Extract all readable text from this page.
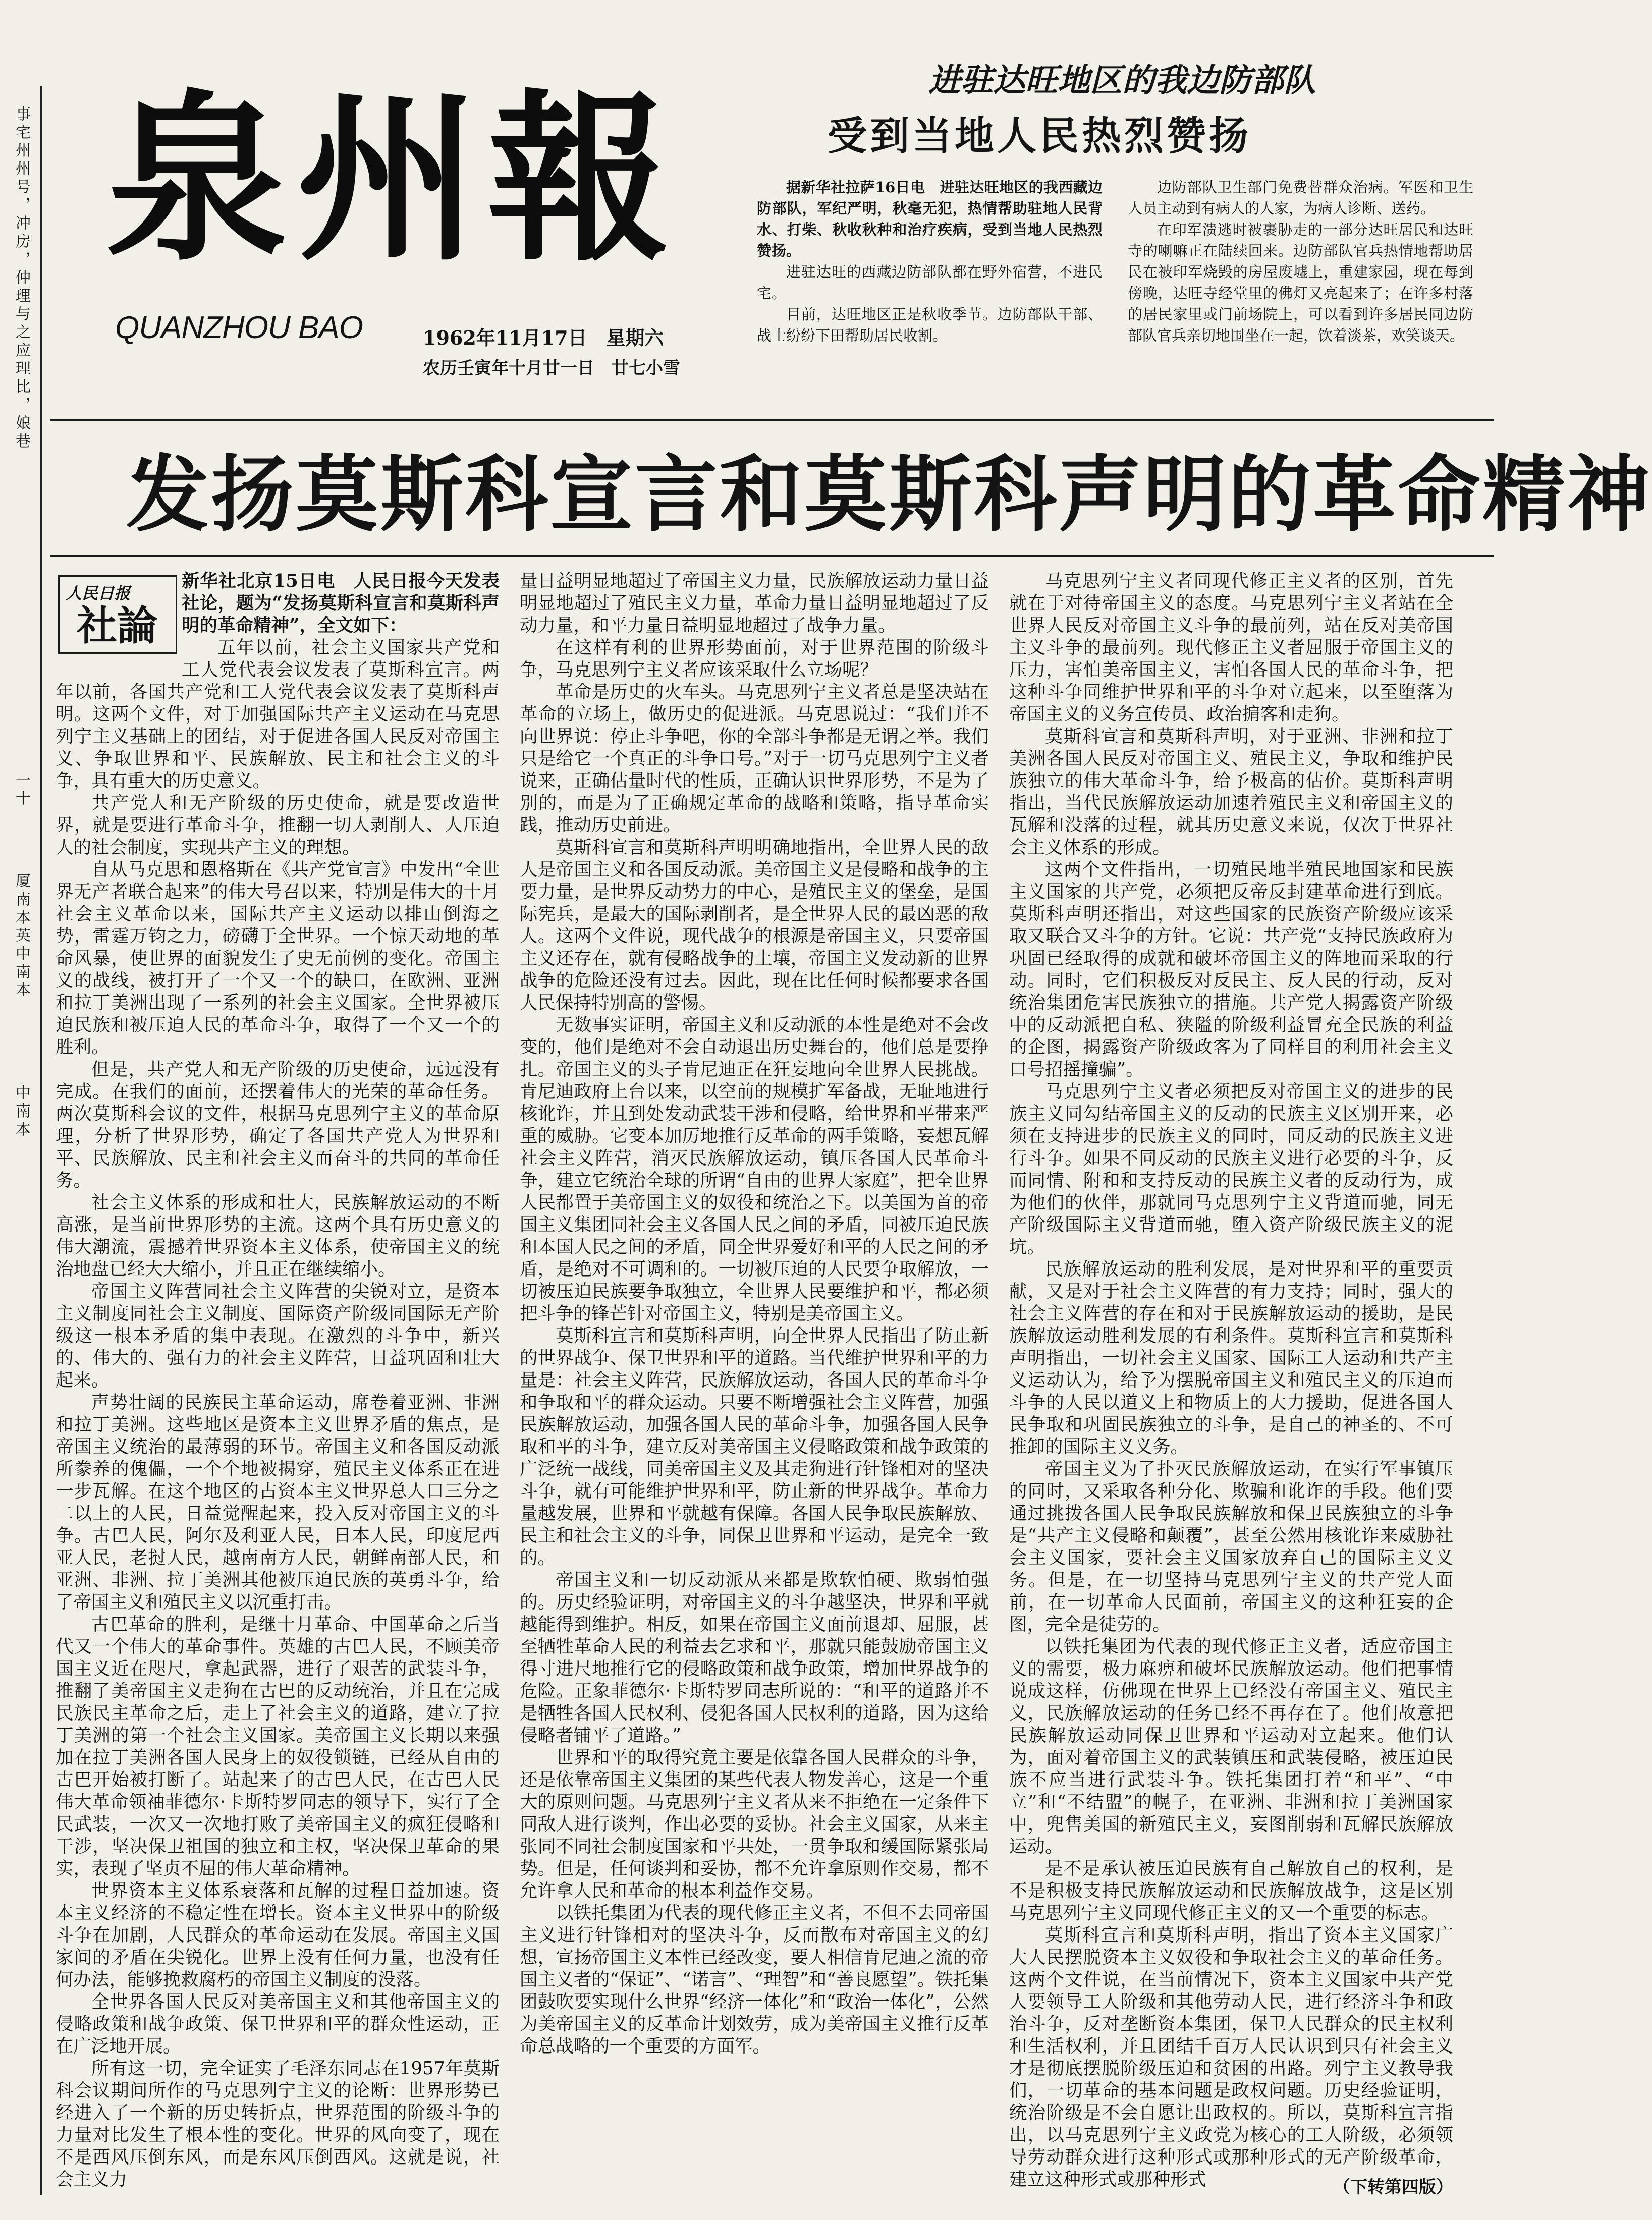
事宅州州号，冲房，仲理与之应理比，娘巷
一十
厦南本英中南本
中南本
泉州報
QUANZHOU BAO	1962年11月17日　星期六
农历壬寅年十月廿一日　廿七小雪
进驻达旺地区的我边防部队
受到当地人民热烈赞扬

据新华社拉萨16日电　进驻达旺地区的我西藏边防部队，军纪严明，秋毫无犯，热情帮助驻地人民背水、打柴、秋收秋种和治疗疾病，受到当地人民热烈赞扬。

进驻达旺的西藏边防部队都在野外宿营，不进民宅。

目前，达旺地区正是秋收季节。边防部队干部、战士纷纷下田帮助居民收割。

边防部队卫生部门免费替群众治病。军医和卫生人员主动到有病人的人家，为病人诊断、送药。

在印军溃逃时被裹胁走的一部分达旺居民和达旺寺的喇嘛正在陆续回来。边防部队官兵热情地帮助居民在被印军烧毁的房屋废墟上，重建家园，现在每到傍晚，达旺寺经堂里的佛灯又亮起来了；在许多村落的居民家里或门前场院上，可以看到许多居民同边防部队官兵亲切地围坐在一起，饮着淡茶，欢笑谈天。

发扬莫斯科宣言和莫斯科声明的革命精神
人民日报
社論

新华社北京15日电　人民日报今天发表社论，题为“发扬莫斯科宣言和莫斯科声明的革命精神”，全文如下：

五年以前，社会主义国家共产党和工人党代表会议发表了莫斯科宣言。两年以前，各国共产党和工人党代表会议发表了莫斯科声明。这两个文件，对于加强国际共产主义运动在马克思列宁主义基础上的团结，对于促进各国人民反对帝国主义、争取世界和平、民族解放、民主和社会主义的斗争，具有重大的历史意义。

共产党人和无产阶级的历史使命，就是要改造世界，就是要进行革命斗争，推翻一切人剥削人、人压迫人的社会制度，实现共产主义的理想。

自从马克思和恩格斯在《共产党宣言》中发出“全世界无产者联合起来”的伟大号召以来，特别是伟大的十月社会主义革命以来，国际共产主义运动以排山倒海之势，雷霆万钧之力，磅礴于全世界。一个惊天动地的革命风暴，使世界的面貌发生了史无前例的变化。帝国主义的战线，被打开了一个又一个的缺口，在欧洲、亚洲和拉丁美洲出现了一系列的社会主义国家。全世界被压迫民族和被压迫人民的革命斗争，取得了一个又一个的胜利。

但是，共产党人和无产阶级的历史使命，远远没有完成。在我们的面前，还摆着伟大的光荣的革命任务。两次莫斯科会议的文件，根据马克思列宁主义的革命原理，分析了世界形势，确定了各国共产党人为世界和平、民族解放、民主和社会主义而奋斗的共同的革命任务。

社会主义体系的形成和壮大，民族解放运动的不断高涨，是当前世界形势的主流。这两个具有历史意义的伟大潮流，震撼着世界资本主义体系，使帝国主义的统治地盘已经大大缩小，并且正在继续缩小。

帝国主义阵营同社会主义阵营的尖锐对立，是资本主义制度同社会主义制度、国际资产阶级同国际无产阶级这一根本矛盾的集中表现。在激烈的斗争中，新兴的、伟大的、强有力的社会主义阵营，日益巩固和壮大起来。

声势壮阔的民族民主革命运动，席卷着亚洲、非洲和拉丁美洲。这些地区是资本主义世界矛盾的焦点，是帝国主义统治的最薄弱的环节。帝国主义和各国反动派所豢养的傀儡，一个个地被揭穿，殖民主义体系正在进一步瓦解。在这个地区的占资本主义世界总人口三分之二以上的人民，日益觉醒起来，投入反对帝国主义的斗争。古巴人民，阿尔及利亚人民，日本人民，印度尼西亚人民，老挝人民，越南南方人民，朝鲜南部人民，和亚洲、非洲、拉丁美洲其他被压迫民族的英勇斗争，给了帝国主义和殖民主义以沉重打击。

古巴革命的胜利，是继十月革命、中国革命之后当代又一个伟大的革命事件。英雄的古巴人民，不顾美帝国主义近在咫尺，拿起武器，进行了艰苦的武装斗争，推翻了美帝国主义走狗在古巴的反动统治，并且在完成民族民主革命之后，走上了社会主义的道路，建立了拉丁美洲的第一个社会主义国家。美帝国主义长期以来强加在拉丁美洲各国人民身上的奴役锁链，已经从自由的古巴开始被打断了。站起来了的古巴人民，在古巴人民伟大革命领袖菲德尔·卡斯特罗同志的领导下，实行了全民武装，一次又一次地打败了美帝国主义的疯狂侵略和干涉，坚决保卫祖国的独立和主权，坚决保卫革命的果实，表现了坚贞不屈的伟大革命精神。

世界资本主义体系衰落和瓦解的过程日益加速。资本主义经济的不稳定性在增长。资本主义世界中的阶级斗争在加剧，人民群众的革命运动在发展。帝国主义国家间的矛盾在尖锐化。世界上没有任何力量，也没有任何办法，能够挽救腐朽的帝国主义制度的没落。

全世界各国人民反对美帝国主义和其他帝国主义的侵略政策和战争政策、保卫世界和平的群众性运动，正在广泛地开展。

所有这一切，完全证实了毛泽东同志在1957年莫斯科会议期间所作的马克思列宁主义的论断：世界形势已经进入了一个新的历史转折点，世界范围的阶级斗争的力量对比发生了根本性的变化。世界的风向变了，现在不是西风压倒东风，而是东风压倒西风。这就是说，社会主义力

量日益明显地超过了帝国主义力量，民族解放运动力量日益明显地超过了殖民主义力量，革命力量日益明显地超过了反动力量，和平力量日益明显地超过了战争力量。

在这样有利的世界形势面前，对于世界范围的阶级斗争，马克思列宁主义者应该采取什么立场呢？

革命是历史的火车头。马克思列宁主义者总是坚决站在革命的立场上，做历史的促进派。马克思说过：“我们并不向世界说：停止斗争吧，你的全部斗争都是无谓之举。我们只是给它一个真正的斗争口号。”对于一切马克思列宁主义者说来，正确估量时代的性质，正确认识世界形势，不是为了别的，而是为了正确规定革命的战略和策略，指导革命实践，推动历史前进。

莫斯科宣言和莫斯科声明明确地指出，全世界人民的敌人是帝国主义和各国反动派。美帝国主义是侵略和战争的主要力量，是世界反动势力的中心，是殖民主义的堡垒，是国际宪兵，是最大的国际剥削者，是全世界人民的最凶恶的敌人。这两个文件说，现代战争的根源是帝国主义，只要帝国主义还存在，就有侵略战争的土壤，帝国主义发动新的世界战争的危险还没有过去。因此，现在比任何时候都要求各国人民保持特别高的警惕。

无数事实证明，帝国主义和反动派的本性是绝对不会改变的，他们是绝对不会自动退出历史舞台的，他们总是要挣扎。帝国主义的头子肯尼迪正在狂妄地向全世界人民挑战。肯尼迪政府上台以来，以空前的规模扩军备战，无耻地进行核讹诈，并且到处发动武装干涉和侵略，给世界和平带来严重的威胁。它变本加厉地推行反革命的两手策略，妄想瓦解社会主义阵营，消灭民族解放运动，镇压各国人民革命斗争，建立它统治全球的所谓“自由的世界大家庭”，把全世界人民都置于美帝国主义的奴役和统治之下。以美国为首的帝国主义集团同社会主义各国人民之间的矛盾，同被压迫民族和本国人民之间的矛盾，同全世界爱好和平的人民之间的矛盾，是绝对不可调和的。一切被压迫的人民要争取解放，一切被压迫民族要争取独立，全世界人民要维护和平，都必须把斗争的锋芒针对帝国主义，特别是美帝国主义。

莫斯科宣言和莫斯科声明，向全世界人民指出了防止新的世界战争、保卫世界和平的道路。当代维护世界和平的力量是：社会主义阵营，民族解放运动，各国人民的革命斗争和争取和平的群众运动。只要不断增强社会主义阵营，加强民族解放运动，加强各国人民的革命斗争，加强各国人民争取和平的斗争，建立反对美帝国主义侵略政策和战争政策的广泛统一战线，同美帝国主义及其走狗进行针锋相对的坚决斗争，就有可能维护世界和平，防止新的世界战争。革命力量越发展，世界和平就越有保障。各国人民争取民族解放、民主和社会主义的斗争，同保卫世界和平运动，是完全一致的。

帝国主义和一切反动派从来都是欺软怕硬、欺弱怕强的。历史经验证明，对帝国主义的斗争越坚决，世界和平就越能得到维护。相反，如果在帝国主义面前退却、屈服，甚至牺牲革命人民的利益去乞求和平，那就只能鼓励帝国主义得寸进尺地推行它的侵略政策和战争政策，增加世界战争的危险。正象菲德尔·卡斯特罗同志所说的：“和平的道路并不是牺牲各国人民权利、侵犯各国人民权利的道路，因为这给侵略者铺平了道路。”

世界和平的取得究竟主要是依靠各国人民群众的斗争，还是依靠帝国主义集团的某些代表人物发善心，这是一个重大的原则问题。马克思列宁主义者从来不拒绝在一定条件下同敌人进行谈判，作出必要的妥协。社会主义国家，从来主张同不同社会制度国家和平共处，一贯争取和缓国际紧张局势。但是，任何谈判和妥协，都不允许拿原则作交易，都不允许拿人民和革命的根本利益作交易。

以铁托集团为代表的现代修正主义者，不但不去同帝国主义进行针锋相对的坚决斗争，反而散布对帝国主义的幻想，宣扬帝国主义本性已经改变，要人相信肯尼迪之流的帝国主义者的“保证”、“诺言”、“理智”和“善良愿望”。铁托集团鼓吹要实现什么世界“经济一体化”和“政治一体化”，公然为美帝国主义的反革命计划效劳，成为美帝国主义推行反革命总战略的一个重要的方面军。

马克思列宁主义者同现代修正主义者的区别，首先就在于对待帝国主义的态度。马克思列宁主义者站在全世界人民反对帝国主义斗争的最前列，站在反对美帝国主义斗争的最前列。现代修正主义者屈服于帝国主义的压力，害怕美帝国主义，害怕各国人民的革命斗争，把这种斗争同维护世界和平的斗争对立起来，以至堕落为帝国主义的义务宣传员、政治掮客和走狗。

莫斯科宣言和莫斯科声明，对于亚洲、非洲和拉丁美洲各国人民反对帝国主义、殖民主义，争取和维护民族独立的伟大革命斗争，给予极高的估价。莫斯科声明指出，当代民族解放运动加速着殖民主义和帝国主义的瓦解和没落的过程，就其历史意义来说，仅次于世界社会主义体系的形成。

这两个文件指出，一切殖民地半殖民地国家和民族主义国家的共产党，必须把反帝反封建革命进行到底。莫斯科声明还指出，对这些国家的民族资产阶级应该采取又联合又斗争的方针。它说：共产党“支持民族政府为巩固已经取得的成就和破坏帝国主义的阵地而采取的行动。同时，它们积极反对反民主、反人民的行动，反对统治集团危害民族独立的措施。共产党人揭露资产阶级中的反动派把自私、狭隘的阶级利益冒充全民族的利益的企图，揭露资产阶级政客为了同样目的利用社会主义口号招摇撞骗”。

马克思列宁主义者必须把反对帝国主义的进步的民族主义同勾结帝国主义的反动的民族主义区别开来，必须在支持进步的民族主义的同时，同反动的民族主义进行斗争。如果不同反动的民族主义进行必要的斗争，反而同情、附和和支持反动的民族主义者的反动行为，成为他们的伙伴，那就同马克思列宁主义背道而驰，同无产阶级国际主义背道而驰，堕入资产阶级民族主义的泥坑。

民族解放运动的胜利发展，是对世界和平的重要贡献，又是对于社会主义阵营的有力支持；同时，强大的社会主义阵营的存在和对于民族解放运动的援助，是民族解放运动胜利发展的有利条件。莫斯科宣言和莫斯科声明指出，一切社会主义国家、国际工人运动和共产主义运动认为，给予为摆脱帝国主义和殖民主义的压迫而斗争的人民以道义上和物质上的大力援助，促进各国人民争取和巩固民族独立的斗争，是自己的神圣的、不可推卸的国际主义义务。

帝国主义为了扑灭民族解放运动，在实行军事镇压的同时，又采取各种分化、欺骗和讹诈的手段。他们要通过挑拨各国人民争取民族解放和保卫民族独立的斗争是“共产主义侵略和颠覆”，甚至公然用核讹诈来威胁社会主义国家，要社会主义国家放弃自己的国际主义义务。但是，在一切坚持马克思列宁主义的共产党人面前，在一切革命人民面前，帝国主义的这种狂妄的企图，完全是徒劳的。

以铁托集团为代表的现代修正主义者，适应帝国主义的需要，极力麻痹和破坏民族解放运动。他们把事情说成这样，仿佛现在世界上已经没有帝国主义、殖民主义，民族解放运动的任务已经不再存在了。他们故意把民族解放运动同保卫世界和平运动对立起来。他们认为，面对着帝国主义的武装镇压和武装侵略，被压迫民族不应当进行武装斗争。铁托集团打着“和平”、“中立”和“不结盟”的幌子，在亚洲、非洲和拉丁美洲国家中，兜售美国的新殖民主义，妄图削弱和瓦解民族解放运动。

是不是承认被压迫民族有自己解放自己的权利，是不是积极支持民族解放运动和民族解放战争，这是区别马克思列宁主义同现代修正主义的又一个重要的标志。

莫斯科宣言和莫斯科声明，指出了资本主义国家广大人民摆脱资本主义奴役和争取社会主义的革命任务。这两个文件说，在当前情况下，资本主义国家中共产党人要领导工人阶级和其他劳动人民，进行经济斗争和政治斗争，反对垄断资本集团，保卫人民群众的民主权利和生活权利，并且团结千百万人民认识到只有社会主义才是彻底摆脱阶级压迫和贫困的出路。列宁主义教导我们，一切革命的基本问题是政权问题。历史经验证明，统治阶级是不会自愿让出政权的。所以，莫斯科宣言指出，以马克思列宁主义政党为核心的工人阶级，必须领导劳动群众进行这种形式或那种形式的无产阶级革命，建立这种形式或那种形式	（下转第四版）
